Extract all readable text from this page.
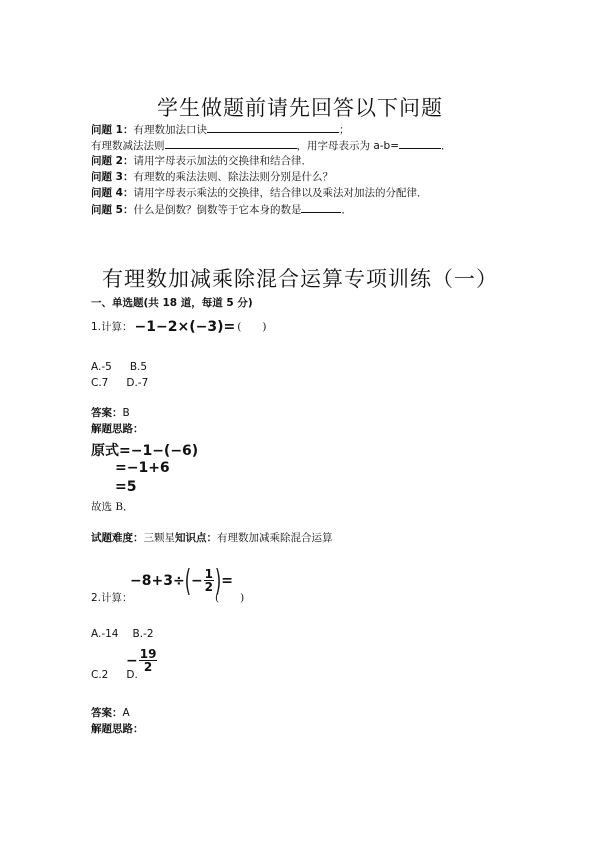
学生做题前请先回答以下问题
问题 1：有理数加法口诀	；
有理数减法法则	，用字母表示为 a-b=	．
问题 2：请用字母表示加法的交换律和结合律．
问题 3：有理数的乘法法则、除法法则分别是什么？
问题 4：请用字母表示乘法的交换律，结合律以及乘法对加法的分配律．
问题 5：什么是倒数？倒数等于它本身的数是	．
有理数加减乘除混合运算专项训练（一）
一、单选题(共 18 道，每道 5 分)
1.计算： −1−2×(−3)= (　　)
A.-5 B.5
C.7 D.-7
答案：B
解题思路：
原式=−1−(−6)
=−1+6
=5
故选 B．
试题难度：三颗星知识点：有理数加减乘除混合运算
−8+3÷ ( − $\frac{1}{2}$ ) =
2.计算：	(　　)
A.-14 B.-2
C.2 D.
− $\frac{19}{2}$
答案：A
解题思路：
